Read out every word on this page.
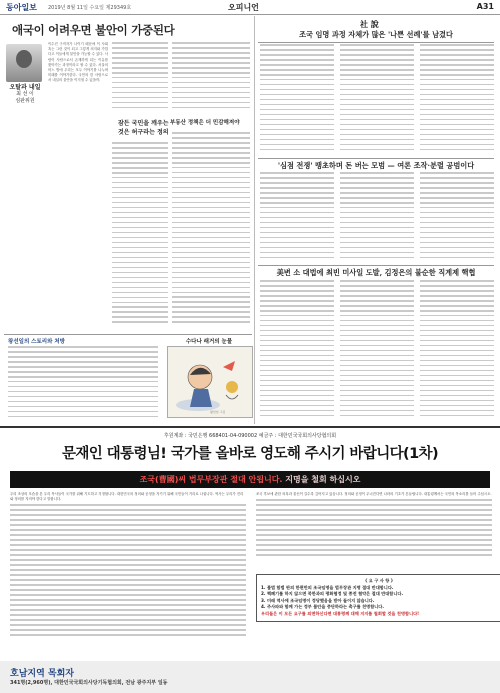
동아일보 2019년 8월 11일 수요일 제29349호	오피니언	A31
애국이 어려우면 불안이 가중된다
오탈과 내일
최 선 이
심판위원
이수진 구직자가 나이기 때문에 이 사회 혹는 그런 것이 되고 그렇게 의지와 가깝다고 이들에게 불안을 가능할 수 있다. 사람이 사람으로서 존재하게 되는 이유를 찾아가는 과정이라고 할 수 있다. 서울의 어느 밤에 우리는 모두 이야기를 나누며 미래를 이야기한다. 국민의 한 사람으로서 내일의 불안을 이겨낼 수 있을까.
잠든 국민을 깨우는 것은 허구라는 정의
부동산 정책은 더 민감해져야
왕선일의 스토리와 처방	수다나 래거의 눈물
왕선일 그림
社 說
조국 임명 과정 자체가 많은 '나쁜 선례'를 남겼다
'심점 전쟁' 땡초하며 돈 버는 모범 — 여론 조작·분렬 공범이다
美변 소 대법에 최빈 미사일 도발, 김정은의 불순한 직계제 핵협
후원계좌 : 국민은행 668401-04-090002 예금주 : 대한민국국회의사당협의회
문재인 대통령님! 국가를 올바로 영도해 주시기 바랍니다(1차)
조국(曹國)씨 법무부장관 절대 안됩니다. 지명을 철회 하십시오
우리 조상의 모습을 본 우리 목사들이 국가를 위해 기도하고 걱정합니다. 대한민국의 정의와 공정을 지키기 위해 국민들이 거리로 나섭니다. 역사는 우리가 진리와 정의를 지켜야 한다고 말합니다.
조국 후보에 관한 의혹과 불신이 갈수록 깊어지고 있습니다. 정의와 공정이 무너진다면 나라의 기초가 흔들립니다. 대통령께서는 국민의 목소리를 들어 주십시오.
《 요 구 사 항 》
1. 불법 합법 판의 한편만의 조국임명을 법무장관 지명 절대 반대합니다.
2. 핵폐기를 하지 않으면 북한과의 평화협정 및 종전 협약은 절대 반대합니다.
3. 미래 역사에 조국임명이 정당했음을 받아 들이지 않습니다.
4. 주사파와 함께 가는 정부 불안을 중단하라는 촉구를 천명합니다.
우리들은 이 모든 요구를 외면하신다면 대통령께 대해 지지를 철회할 것을 천명합니다!
호남지역 목회자
341명(2,960명), 대한민국국회의사당기독협의회, 전남 광주지부 일동
